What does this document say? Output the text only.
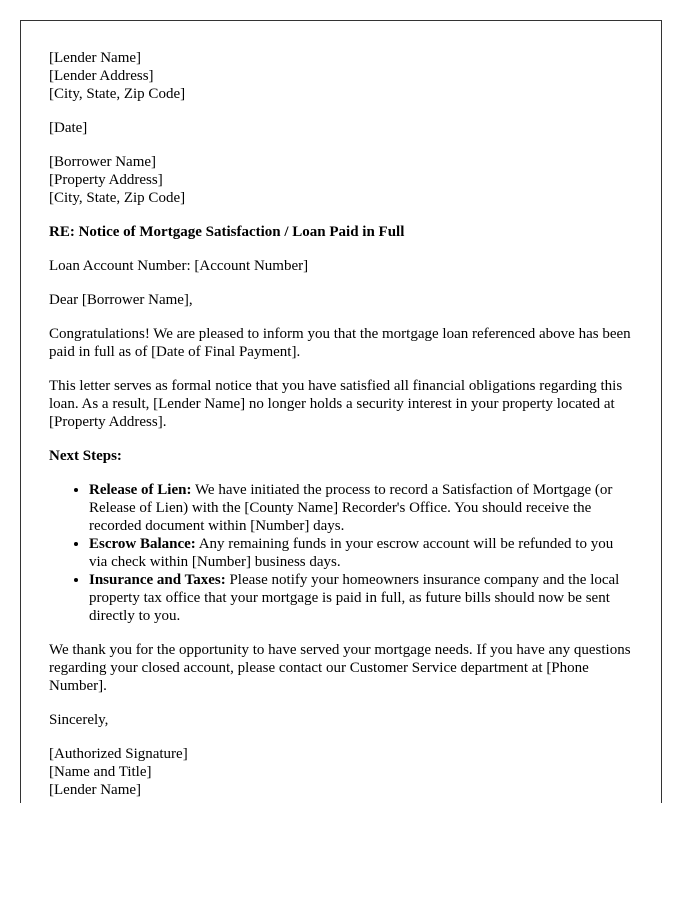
[Lender Name]
[Lender Address]
[City, State, Zip Code]

[Date]

[Borrower Name]
[Property Address]
[City, State, Zip Code]

RE: Notice of Mortgage Satisfaction / Loan Paid in Full

Loan Account Number: [Account Number]

Dear [Borrower Name],

Congratulations! We are pleased to inform you that the mortgage loan referenced above has been paid in full as of [Date of Final Payment].

This letter serves as formal notice that you have satisfied all financial obligations regarding this loan. As a result, [Lender Name] no longer holds a security interest in your property located at [Property Address].

Next Steps:

• Release of Lien: We have initiated the process to record a Satisfaction of Mortgage (or Release of Lien) with the [County Name] Recorder's Office. You should receive the recorded document within [Number] days.
• Escrow Balance: Any remaining funds in your escrow account will be refunded to you via check within [Number] business days.
• Insurance and Taxes: Please notify your homeowners insurance company and the local property tax office that your mortgage is paid in full, as future bills should now be sent directly to you.

We thank you for the opportunity to have served your mortgage needs. If you have any questions regarding your closed account, please contact our Customer Service department at [Phone Number].

Sincerely,

[Authorized Signature]
[Name and Title]
[Lender Name]
